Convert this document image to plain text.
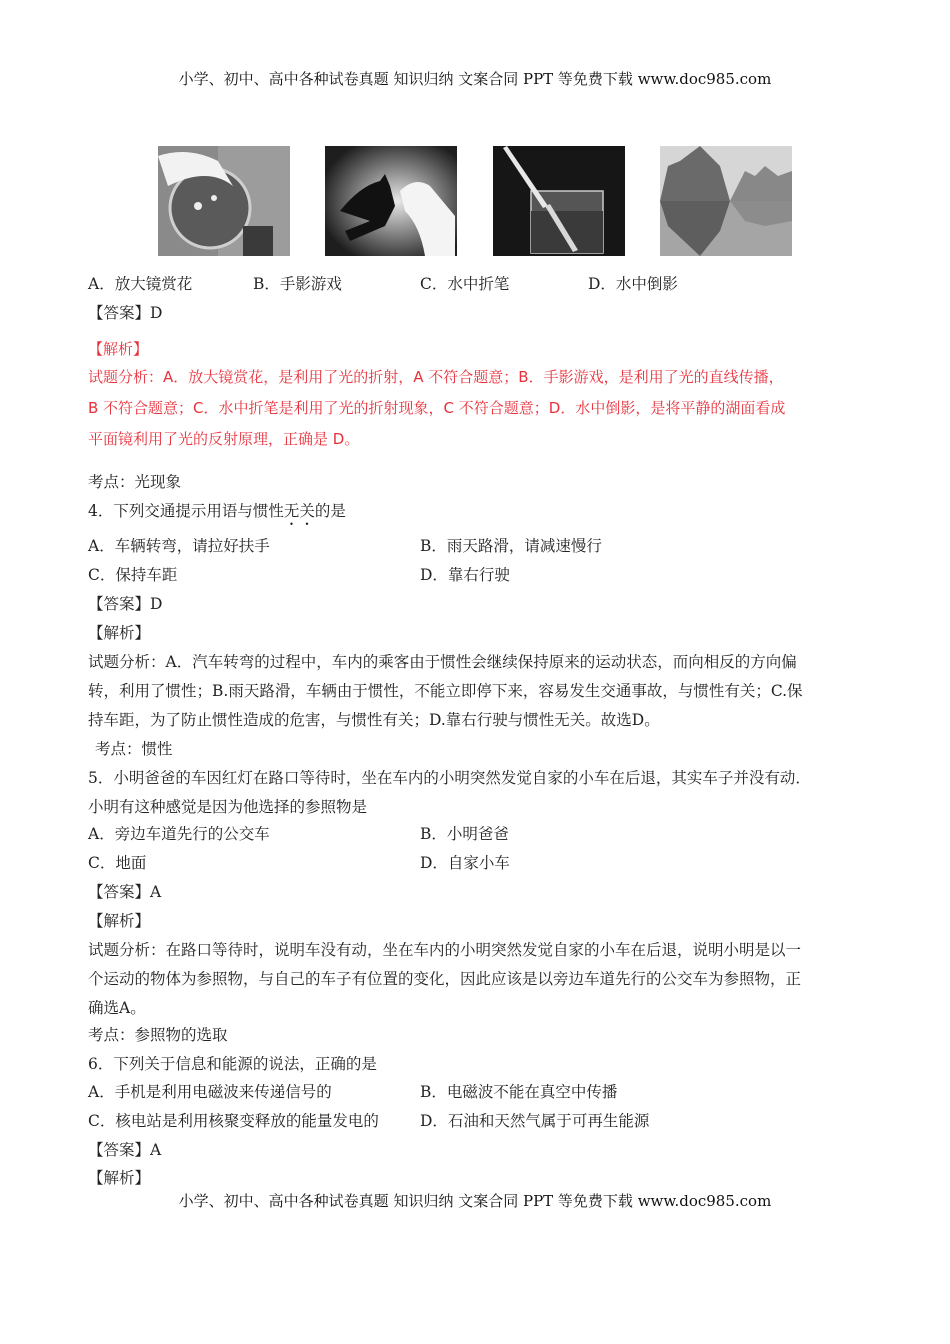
小学、初中、高中各种试卷真题 知识归纳 文案合同 PPT 等免费下载 www.doc985.com
A．放大镜赏花	B．手影游戏	C．水中折笔	D．水中倒影
【答案】D
【解析】
试题分析：A．放大镜赏花，是利用了光的折射，A 不符合题意；B．手影游戏，是利用了光的直线传播，
B 不符合题意；C．水中折笔是利用了光的折射现象，C 不符合题意；D．水中倒影，是将平静的湖面看成
平面镜利用了光的反射原理，正确是 D。
考点：光现象
4．下列交通提示用语与惯性无关的是
A．车辆转弯，请拉好扶手	B．雨天路滑，请减速慢行
C．保持车距	D．靠右行驶
【答案】D
【解析】
试题分析：A．汽车转弯的过程中，车内的乘客由于惯性会继续保持原来的运动状态，而向相反的方向偏
转，利用了惯性；B.雨天路滑，车辆由于惯性，不能立即停下来，容易发生交通事故，与惯性有关；C.保
持车距，为了防止惯性造成的危害，与惯性有关；D.靠右行驶与惯性无关。故选D。
考点：惯性
5．小明爸爸的车因红灯在路口等待时，坐在车内的小明突然发觉自家的小车在后退，其实车子并没有动．
小明有这种感觉是因为他选择的参照物是
A．旁边车道先行的公交车	B．小明爸爸
C．地面	D．自家小车
【答案】A
【解析】
试题分析：在路口等待时，说明车没有动，坐在车内的小明突然发觉自家的小车在后退，说明小明是以一
个运动的物体为参照物，与自己的车子有位置的变化，因此应该是以旁边车道先行的公交车为参照物，正
确选A。
考点：参照物的选取
6．下列关于信息和能源的说法，正确的是
A．手机是利用电磁波来传递信号的	B．电磁波不能在真空中传播
C．核电站是利用核聚变释放的能量发电的	D．石油和天然气属于可再生能源
【答案】A
【解析】
小学、初中、高中各种试卷真题 知识归纳 文案合同 PPT 等免费下载 www.doc985.com
